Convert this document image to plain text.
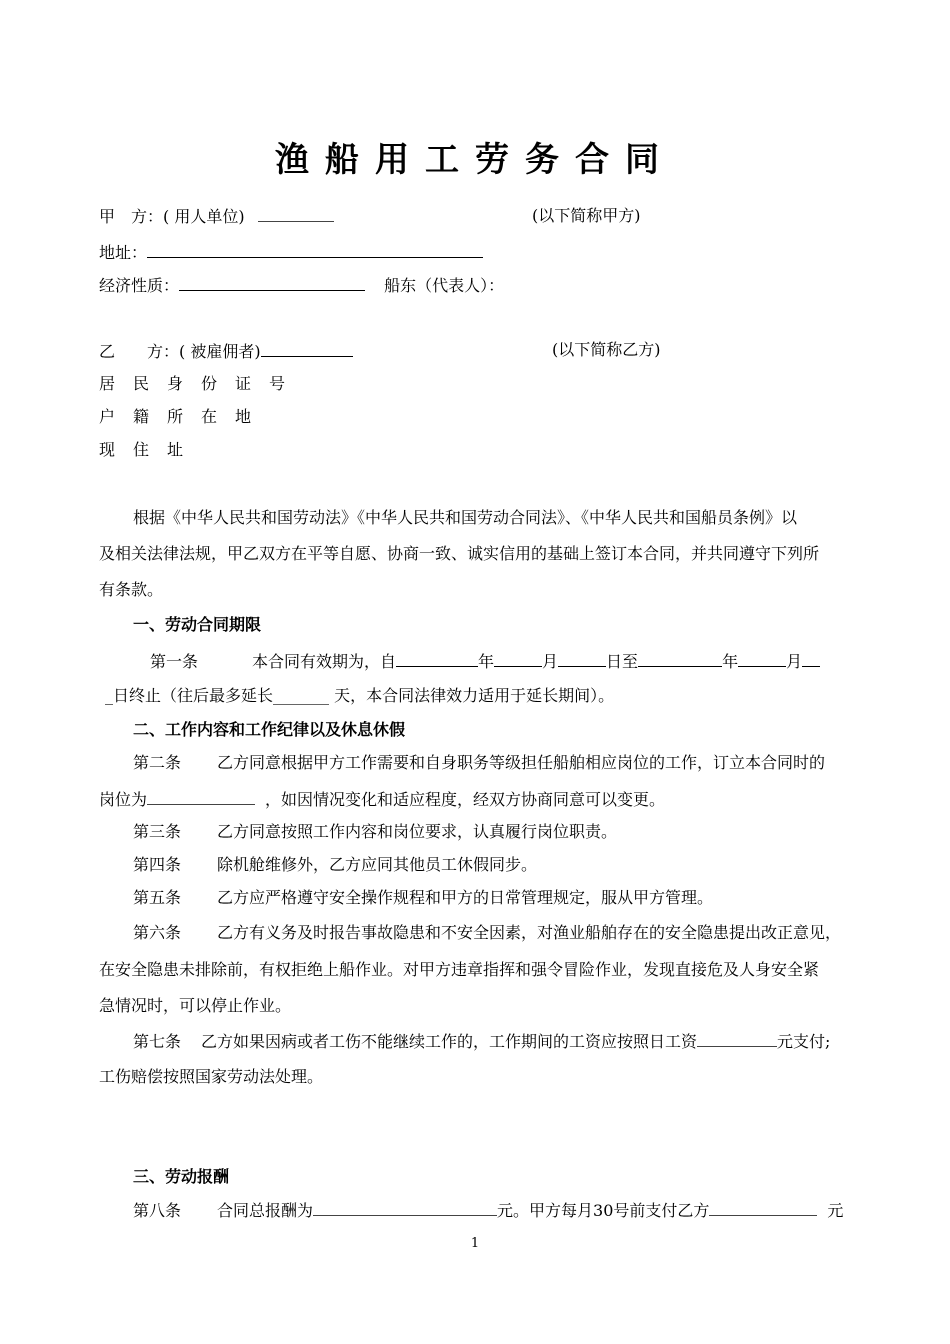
渔船用工劳务合同
甲　方：( 用人单位)	(以下简称甲方)
地址：
经济性质：	船东（代表人）：
乙　　方：( 被雇佣者)	(以下简称乙方)
居民身份证号
户籍所在地
现住址
根据《中华人民共和国劳动法》《中华人民共和国劳动合同法》、《中华人民共和国船员条例》以
及相关法律法规，甲乙双方在平等自愿、协商一致、诚实信用的基础上签订本合同，并共同遵守下列所
有条款。
一、劳动合同期限
第一条	本合同有效期为，自	年	月	日至	年	月
_日终止（往后最多延长_______ 天，本合同法律效力适用于延长期间）。
二、工作内容和工作纪律以及休息休假
第二条 乙方同意根据甲方工作需要和自身职务等级担任船舶相应岗位的工作，订立本合同时的
岗位为	，如因情况变化和适应程度，经双方协商同意可以变更。
第三条 乙方同意按照工作内容和岗位要求，认真履行岗位职责。
第四条 除机舱维修外，乙方应同其他员工休假同步。
第五条 乙方应严格遵守安全操作规程和甲方的日常管理规定，服从甲方管理。
第六条 乙方有义务及时报告事故隐患和不安全因素，对渔业船舶存在的安全隐患提出改正意见，
在安全隐患未排除前，有权拒绝上船作业。对甲方违章指挥和强令冒险作业，发现直接危及人身安全紧
急情况时，可以停止作业。
第七条 乙方如果因病或者工伤不能继续工作的，工作期间的工资应按照日工资	元支付;
工伤赔偿按照国家劳动法处理。
三、劳动报酬
第八条 合同总报酬为	元。甲方每月30号前支付乙方	元
1
